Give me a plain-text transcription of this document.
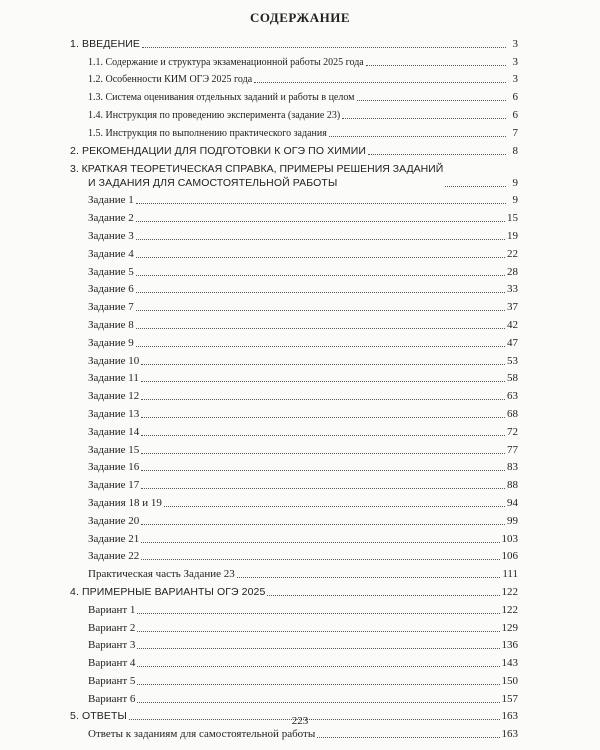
СОДЕРЖАНИЕ
1. ВВЕДЕНИЕ	3
1.1. Содержание и структура экзаменационной работы 2025 года	3
1.2. Особенности КИМ ОГЭ 2025 года	3
1.3. Система оценивания отдельных заданий и работы в целом	6
1.4. Инструкция по проведению эксперимента (задание 23)	6
1.5. Инструкция по выполнению практического задания	7
2. РЕКОМЕНДАЦИИ ДЛЯ ПОДГОТОВКИ К ОГЭ ПО ХИМИИ	8
3. КРАТКАЯ ТЕОРЕТИЧЕСКАЯ СПРАВКА, ПРИМЕРЫ РЕШЕНИЯ ЗАДАНИЙ
И ЗАДАНИЯ ДЛЯ САМОСТОЯТЕЛЬНОЙ РАБОТЫ	9
Задание 1	9
Задание 2	15
Задание 3	19
Задание 4	22
Задание 5	28
Задание 6	33
Задание 7	37
Задание 8	42
Задание 9	47
Задание 10	53
Задание 11	58
Задание 12	63
Задание 13	68
Задание 14	72
Задание 15	77
Задание 16	83
Задание 17	88
Задания 18 и 19	94
Задание 20	99
Задание 21	103
Задание 22	106
Практическая часть Задание 23	111
4. ПРИМЕРНЫЕ ВАРИАНТЫ ОГЭ 2025	122
Вариант 1	122
Вариант 2	129
Вариант 3	136
Вариант 4	143
Вариант 5	150
Вариант 6	157
5. ОТВЕТЫ	163
Ответы к заданиям для самостоятельной работы	163
223
